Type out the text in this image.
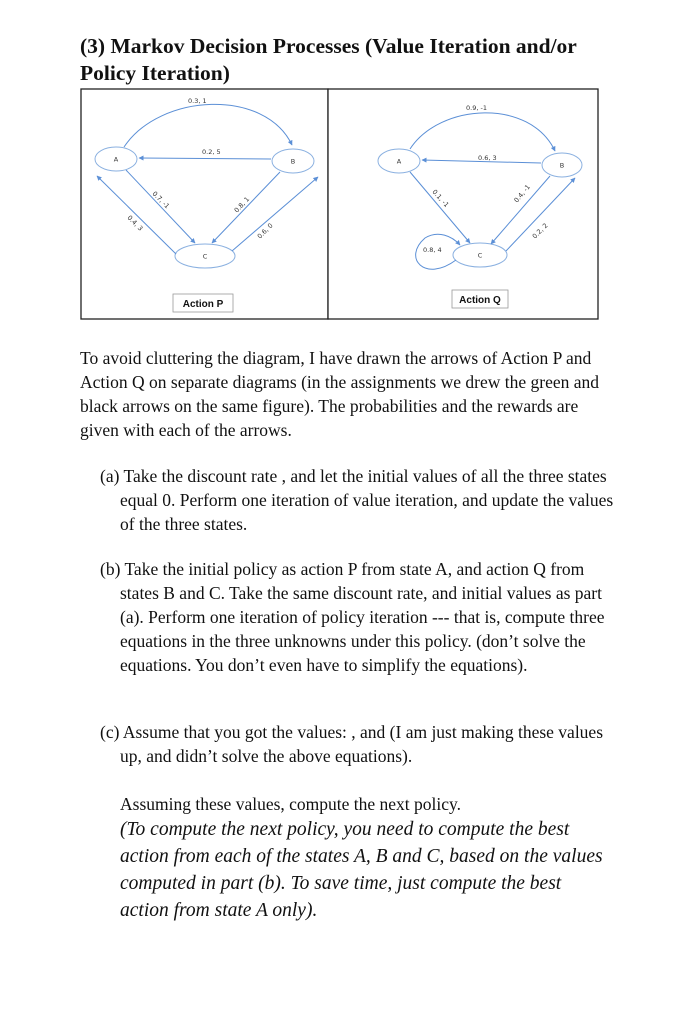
(3) Markov Decision Processes (Value Iteration and/or Policy Iteration)
A	B
C
0.3, 1
0.2, 5
0.7, -1
0.4, 3
0.8, 1
0.6, 0
Action P
A	B
C
0.9, -1
0.6, 3
0.1, -1	0.4, -1
0.2, 2
0.8, 4
Action Q

To avoid cluttering the diagram, I have drawn the arrows of Action P and Action Q on separate diagrams (in the assignments we drew the green and black arrows on the same figure). The probabilities and the rewards are given with each of the arrows.

(a) Take the discount rate , and let the initial values of all the three states equal 0. Perform one iteration of value iteration, and update the values of the three states.

(b) Take the initial policy as action P from state A, and action Q from states B and C. Take the same discount rate, and initial values as part (a). Perform one iteration of policy iteration --- that is, compute three equations in the three unknowns under this policy. (don’t solve the equations. You don’t even have to simplify the equations).

(c) Assume that you got the values: , and (I am just making these values up, and didn’t solve the above equations).

Assuming these values, compute the next policy.

(To compute the next policy, you need to compute the best action from each of the states A, B and C, based on the values computed in part (b). To save time, just compute the best action from state A only).
